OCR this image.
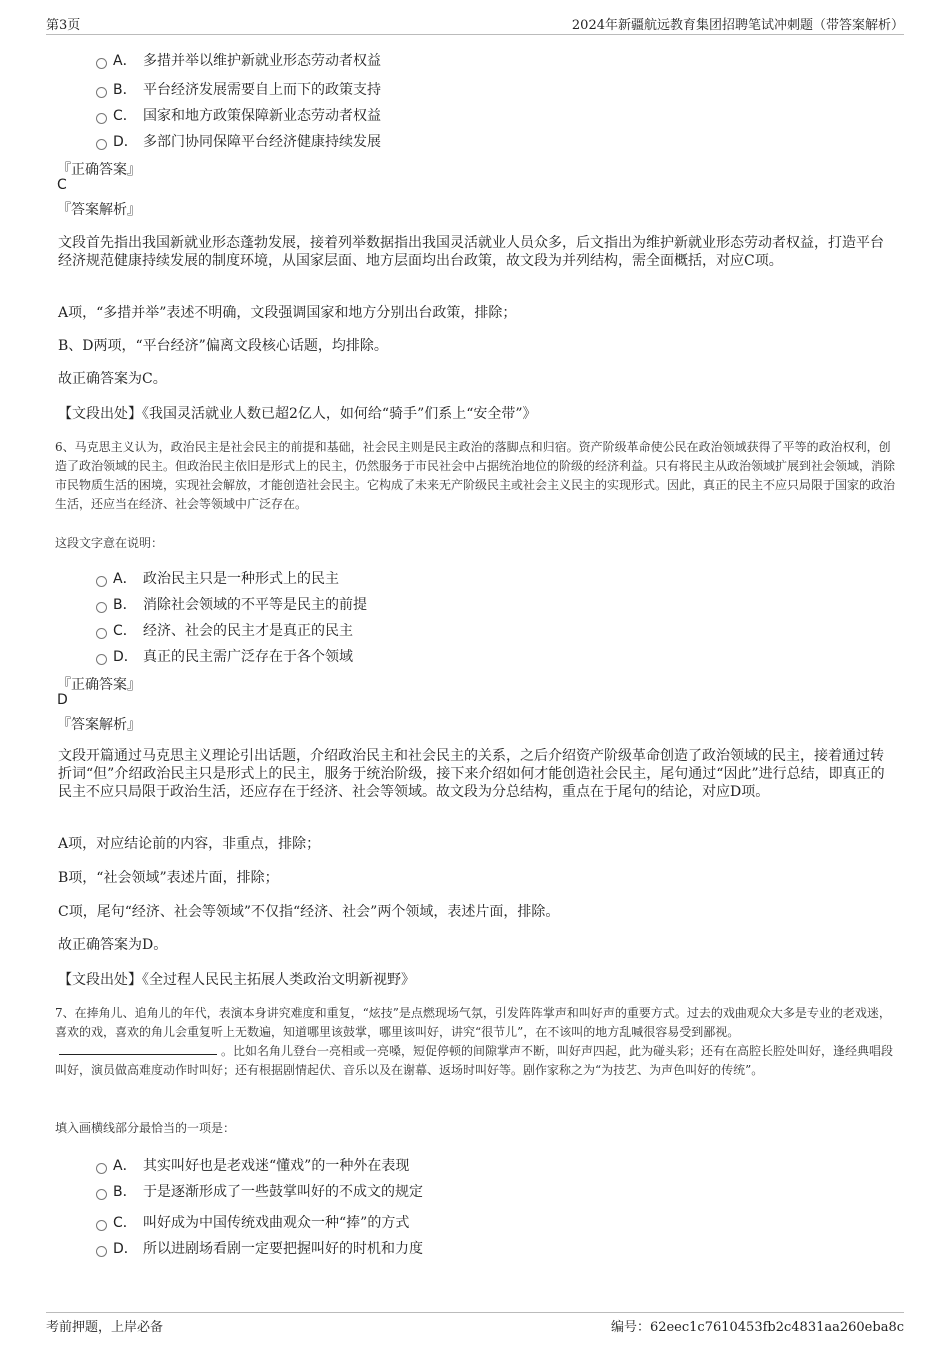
第3页	2024年新疆航远教育集团招聘笔试冲刺题（带答案解析）
A． 多措并举以维护新就业形态劳动者权益
B． 平台经济发展需要自上而下的政策支持
C． 国家和地方政策保障新业态劳动者权益
D． 多部门协同保障平台经济健康持续发展
『正确答案』
C
『答案解析』
文段首先指出我国新就业形态蓬勃发展，接着列举数据指出我国灵活就业人员众多，后文指出为维护新就业形态劳动者权益，打造平台经济规范健康持续发展的制度环境，从国家层面、地方层面均出台政策，故文段为并列结构，需全面概括，对应C项。
A项，“多措并举”表述不明确，文段强调国家和地方分别出台政策，排除；
B、D两项，“平台经济”偏离文段核心话题，均排除。
故正确答案为C。
【文段出处】《我国灵活就业人数已超2亿人，如何给“骑手”们系上“安全带”》
6、马克思主义认为，政治民主是社会民主的前提和基础，社会民主则是民主政治的落脚点和归宿。资产阶级革命使公民在政治领域获得了平等的政治权利，创造了政治领域的民主。但政治民主依旧是形式上的民主，仍然服务于市民社会中占据统治地位的阶级的经济利益。只有将民主从政治领域扩展到社会领域，消除市民物质生活的困境，实现社会解放，才能创造社会民主。它构成了未来无产阶级民主或社会主义民主的实现形式。因此，真正的民主不应只局限于国家的政治生活，还应当在经济、社会等领域中广泛存在。
这段文字意在说明：
A． 政治民主只是一种形式上的民主
B． 消除社会领域的不平等是民主的前提
C． 经济、社会的民主才是真正的民主
D． 真正的民主需广泛存在于各个领域
『正确答案』
D
『答案解析』
文段开篇通过马克思主义理论引出话题，介绍政治民主和社会民主的关系，之后介绍资产阶级革命创造了政治领域的民主，接着通过转折词“但”介绍政治民主只是形式上的民主，服务于统治阶级，接下来介绍如何才能创造社会民主，尾句通过“因此”进行总结，即真正的民主不应只局限于政治生活，还应存在于经济、社会等领域。故文段为分总结构，重点在于尾句的结论，对应D项。
A项，对应结论前的内容，非重点，排除；
B项，“社会领域”表述片面，排除；
C项，尾句“经济、社会等领域”不仅指“经济、社会”两个领域，表述片面，排除。
故正确答案为D。
【文段出处】《全过程人民民主拓展人类政治文明新视野》
7、在捧角儿、追角儿的年代，表演本身讲究难度和重复，“炫技”是点燃现场气氛，引发阵阵掌声和叫好声的重要方式。过去的戏曲观众大多是专业的老戏迷，喜欢的戏，喜欢的角儿会重复听上无数遍，知道哪里该鼓掌，哪里该叫好，讲究“很节儿”，在不该叫的地方乱喊很容易受到鄙视。。比如名角儿登台一亮相或一亮嗓，短促停顿的间隙掌声不断，叫好声四起，此为碰头彩；还有在高腔长腔处叫好，逢经典唱段叫好，演员做高难度动作时叫好；还有根据剧情起伏、音乐以及在谢幕、返场时叫好等。剧作家称之为“为技艺、为声色叫好的传统”。
填入画横线部分最恰当的一项是：
A． 其实叫好也是老戏迷“懂戏”的一种外在表现
B． 于是逐渐形成了一些鼓掌叫好的不成文的规定
C． 叫好成为中国传统戏曲观众一种“捧”的方式
D． 所以进剧场看剧一定要把握叫好的时机和力度
考前押题，上岸必备	编号：62eec1c7610453fb2c4831aa260eba8c
